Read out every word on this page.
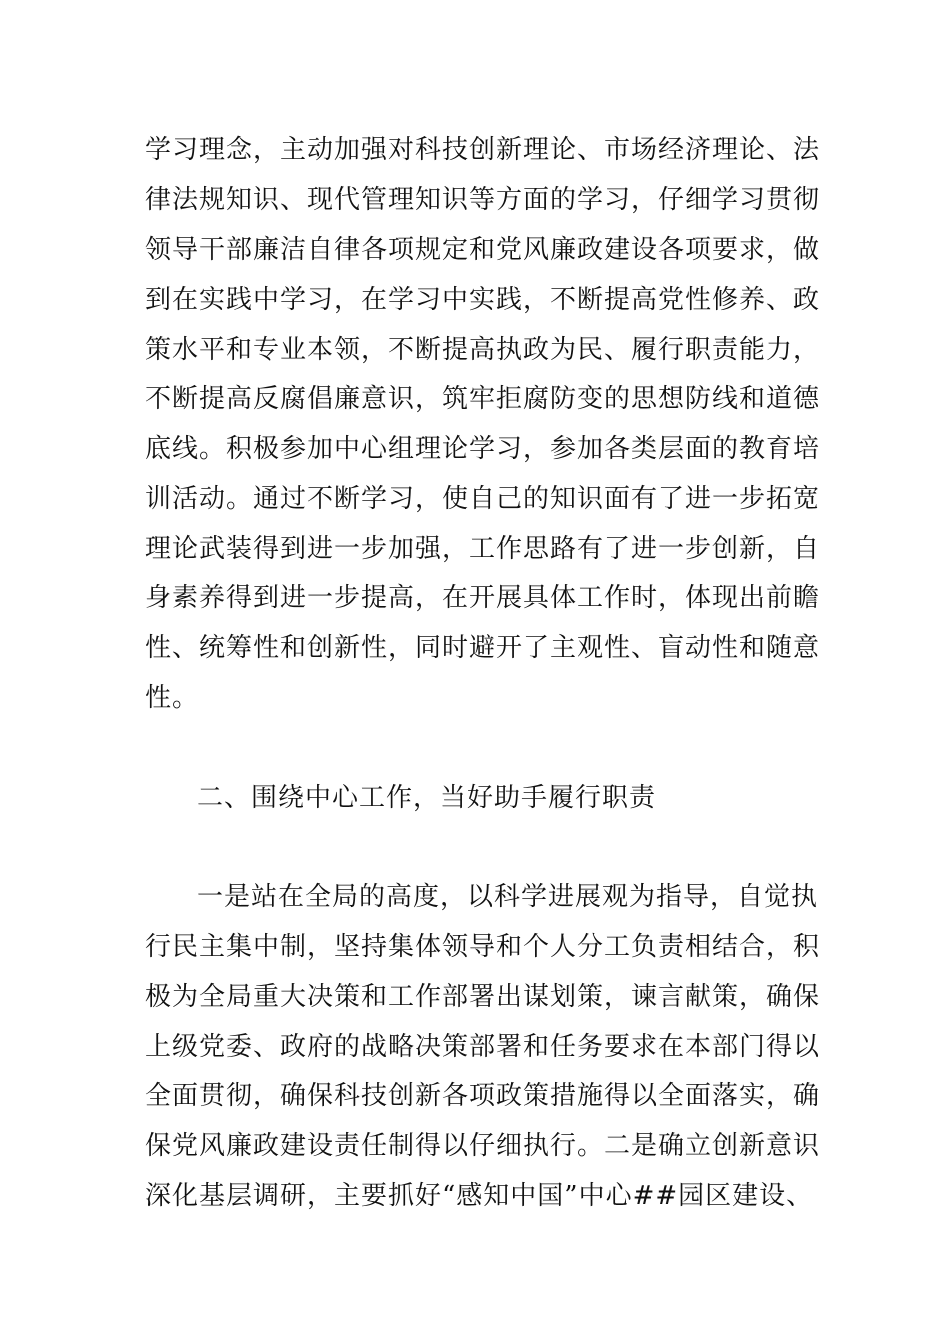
学习理念，主动加强对科技创新理论、市场经济理论、法
律法规知识、现代管理知识等方面的学习，仔细学习贯彻
领导干部廉洁自律各项规定和党风廉政建设各项要求，做
到在实践中学习，在学习中实践，不断提高党性修养、政
策水平和专业本领，不断提高执政为民、履行职责能力，
不断提高反腐倡廉意识，筑牢拒腐防变的思想防线和道德
底线。积极参加中心组理论学习，参加各类层面的教育培
训活动。通过不断学习，使自己的知识面有了进一步拓宽
理论武装得到进一步加强，工作思路有了进一步创新，自
身素养得到进一步提高，在开展具体工作时，体现出前瞻
性、统筹性和创新性，同时避开了主观性、盲动性和随意
性。
二、围绕中心工作，当好助手履行职责
一是站在全局的高度，以科学进展观为指导，自觉执
行民主集中制，坚持集体领导和个人分工负责相结合，积
极为全局重大决策和工作部署出谋划策，谏言献策，确保
上级党委、政府的战略决策部署和任务要求在本部门得以
全面贯彻，确保科技创新各项政策措施得以全面落实，确
保党风廉政建设责任制得以仔细执行。二是确立创新意识
深化基层调研，主要抓好“感知中国”中心##园区建设、
